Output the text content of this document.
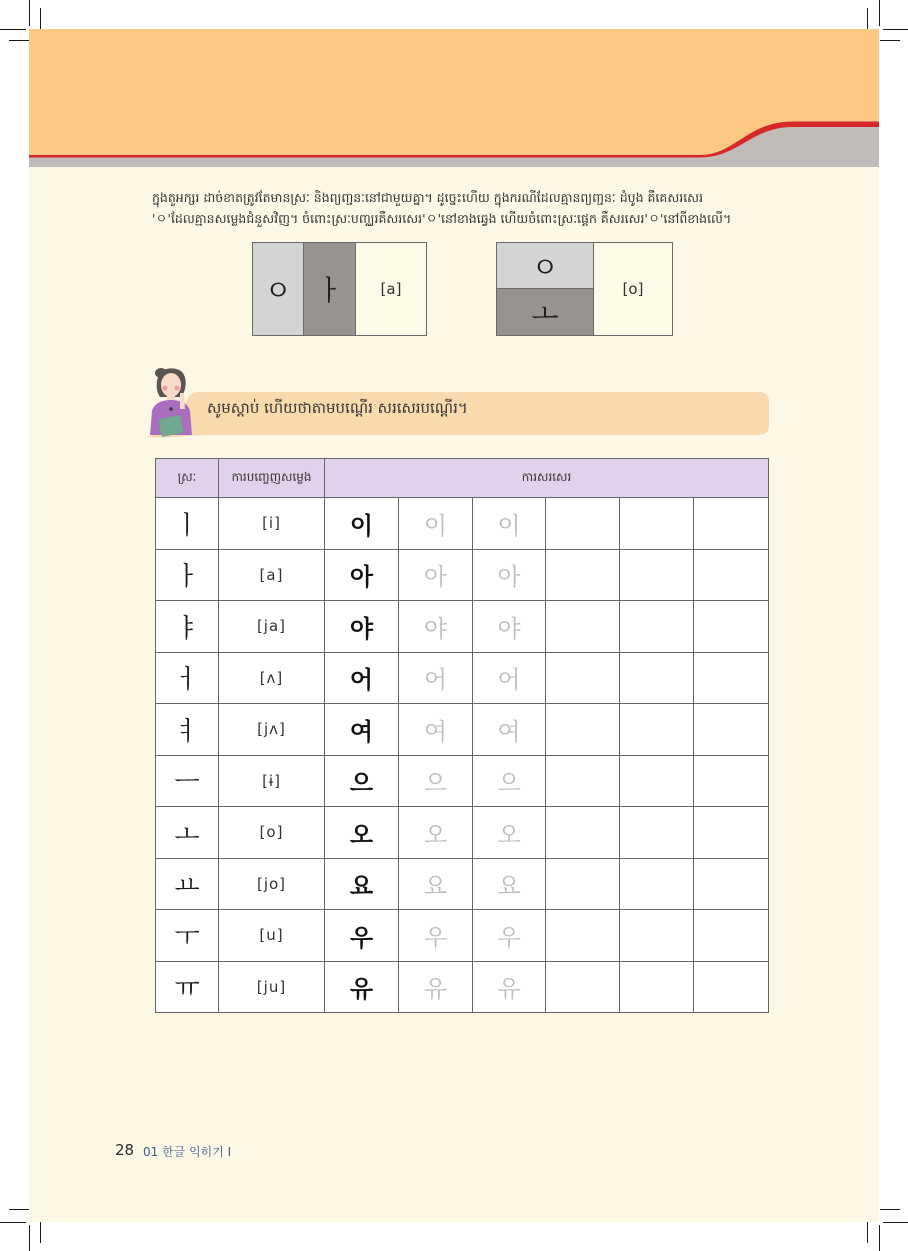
ក្នុងតួអក្សរ ដាច់ខាតត្រូវតែមានស្រៈ និងព្យញ្ជនៈនៅជាមួយគ្នា។ ដូច្នេះហើយ ក្នុងករណីដែលគ្មានព្យញ្ជនៈ ដំបូង គឺគេសរសេរ
'ㅇ'ដែលគ្មានសម្លេងជំនួសវិញ។ ចំពោះស្រៈបញ្ឈរគឺសរសេរ'ㅇ'នៅខាងឆ្វេង ហើយចំពោះស្រៈផ្ដេក គឺសរសេរ'ㅇ'នៅពីខាងលើ។
ㅇ ㅏ	[a]
ㅇ
ㅗ
[o]
សូមស្ដាប់ ហើយថាតាមបណ្ដើរ សរសេរបណ្ដើរ។
ស្រៈ	ការបញ្ចេញសម្លេង	ការសរសេរ					
ㅣ	[i]	이	이	이			
ㅏ	[a]	아	아	아			
ㅑ	[ja]	야	야	야			
ㅓ	[ʌ]	어	어	어			
ㅕ	[jʌ]	여	여	여			
ㅡ	[ɨ]	으	으	으			
ㅗ	[o]	오	오	오			
ㅛ	[jo]	요	요	요			
ㅜ	[u]	우	우	우			
ㅠ	[ju]	유	유	유			
28 01 한글 익히기 Ⅰ
